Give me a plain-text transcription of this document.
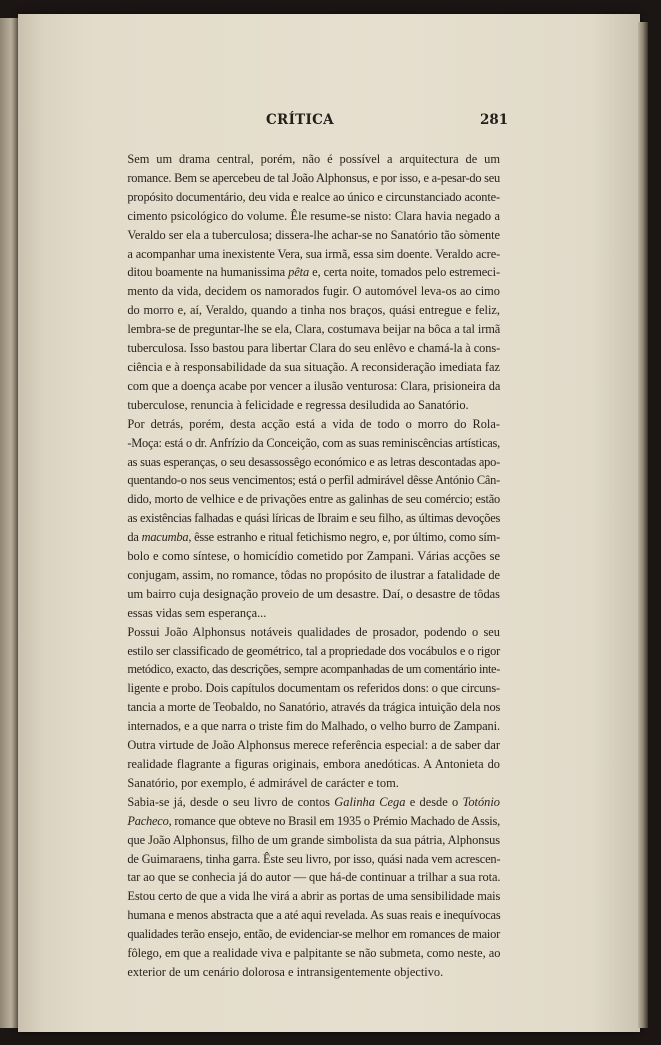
CRÍTICA	281

Sem um drama central, porém, não é possível a arquitectura de um
romance. Bem se apercebeu de tal João Alphonsus, e por isso, e a-pesar-do seu
propósito documentário, deu vida e realce ao único e circunstanciado aconte-
cimento psicológico do volume. Êle resume-se nisto: Clara havia negado a
Veraldo ser ela a tuberculosa; dissera-lhe achar-se no Sanatório tão sòmente
a acompanhar uma inexistente Vera, sua irmã, essa sim doente. Veraldo acre-
ditou boamente na humanissima pêta e, certa noite, tomados pelo estremeci-
mento da vida, decidem os namorados fugir. O automóvel leva-os ao cimo
do morro e, aí, Veraldo, quando a tinha nos braços, quási entregue e feliz,
lembra-se de preguntar-lhe se ela, Clara, costumava beijar na bôca a tal irmã
tuberculosa. Isso bastou para libertar Clara do seu enlêvo e chamá-la à cons-
ciência e à responsabilidade da sua situação. A reconsideração imediata faz
com que a doença acabe por vencer a ilusão venturosa: Clara, prisioneira da
tuberculose, renuncia à felicidade e regressa desiludida ao Sanatório.

Por detrás, porém, desta acção está a vida de todo o morro do Rola-
-Moça: está o dr. Anfrízio da Conceição, com as suas reminiscências artísticas,
as suas esperanças, o seu desassossêgo económico e as letras descontadas apo-
quentando-o nos seus vencimentos; está o perfil admirável dêsse António Cân-
dido, morto de velhice e de privações entre as galinhas de seu comércio; estão
as existências falhadas e quási líricas de Ibraim e seu filho, as últimas devoções
da macumba, êsse estranho e ritual fetichismo negro, e, por último, como sím-
bolo e como síntese, o homicídio cometido por Zampani. Várias acções se
conjugam, assim, no romance, tôdas no propósito de ilustrar a fatalidade de
um bairro cuja designação proveio de um desastre. Daí, o desastre de tôdas
essas vidas sem esperança...

Possui João Alphonsus notáveis qualidades de prosador, podendo o seu
estilo ser classificado de geométrico, tal a propriedade dos vocábulos e o rigor
metódico, exacto, das descrições, sempre acompanhadas de um comentário inte-
ligente e probo. Dois capítulos documentam os referidos dons: o que circuns-
tancia a morte de Teobaldo, no Sanatório, através da trágica intuição dela nos
internados, e a que narra o triste fim do Malhado, o velho burro de Zampani.
Outra virtude de João Alphonsus merece referência especial: a de saber dar
realidade flagrante a figuras originais, embora anedóticas. A Antonieta do
Sanatório, por exemplo, é admirável de carácter e tom.

Sabia-se já, desde o seu livro de contos Galinha Cega e desde o Totónio
Pacheco, romance que obteve no Brasil em 1935 o Prémio Machado de Assis,
que João Alphonsus, filho de um grande simbolista da sua pátria, Alphonsus
de Guimaraens, tinha garra. Êste seu livro, por isso, quási nada vem acrescen-
tar ao que se conhecia já do autor — que há-de continuar a trilhar a sua rota.
Estou certo de que a vida lhe virá a abrir as portas de uma sensibilidade mais
humana e menos abstracta que a até aqui revelada. As suas reais e inequívocas
qualidades terão ensejo, então, de evidenciar-se melhor em romances de maior
fôlego, em que a realidade viva e palpitante se não submeta, como neste, ao
exterior de um cenário dolorosa e intransigentemente objectivo.
